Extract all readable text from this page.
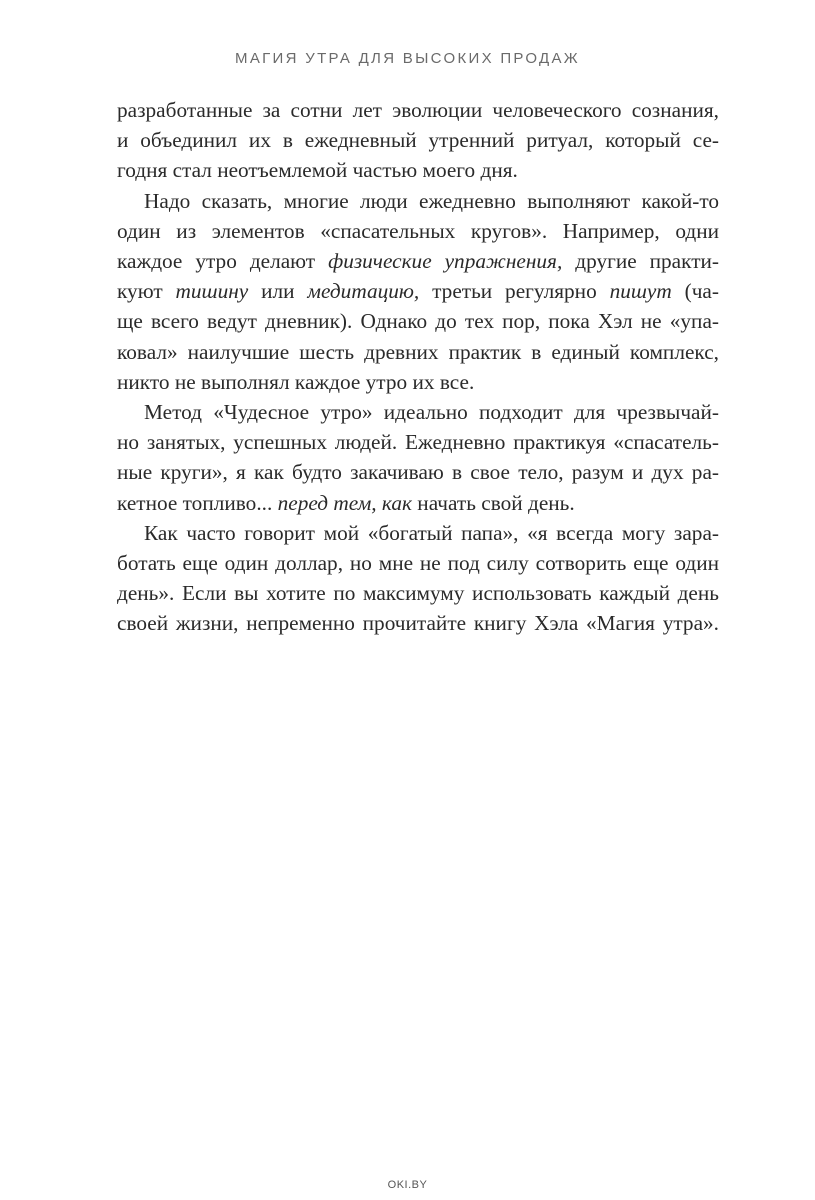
МАГИЯ УТРА ДЛЯ ВЫСОКИХ ПРОДАЖ
разработанные за сотни лет эволюции человеческого сознания,
и объединил их в ежедневный утренний ритуал, который се-
годня стал неотъемлемой частью моего дня.
Надо сказать, многие люди ежедневно выполняют какой-то
один из элементов «спасательных кругов». Например, одни
каждое утро делают физические упражнения, другие практи-
куют тишину или медитацию, третьи регулярно пишут (ча-
ще всего ведут дневник). Однако до тех пор, пока Хэл не «упа-
ковал» наилучшие шесть древних практик в единый комплекс,
никто не выполнял каждое утро их все.
Метод «Чудесное утро» идеально подходит для чрезвычай-
но занятых, успешных людей. Ежедневно практикуя «спасатель-
ные круги», я как будто закачиваю в свое тело, разум и дух ра-
кетное топливо... перед тем, как начать свой день.
Как часто говорит мой «богатый папа», «я всегда могу зара-
ботать еще один доллар, но мне не под силу сотворить еще один
день». Если вы хотите по максимуму использовать каждый день
своей жизни, непременно прочитайте книгу Хэла «Магия утра».
OKI.BY
